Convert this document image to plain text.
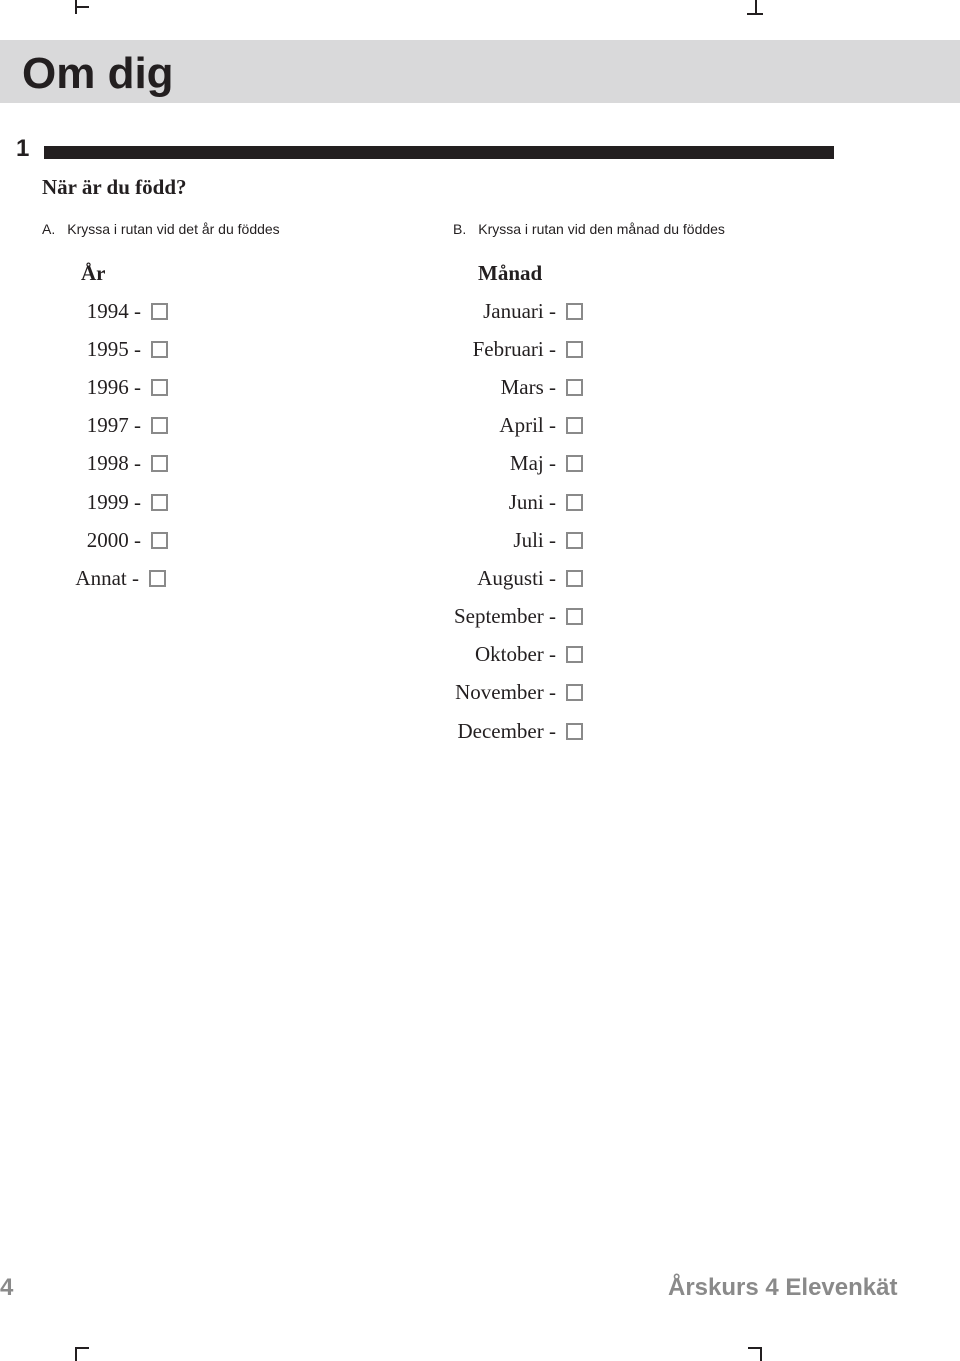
Om dig
1
När är du född?
A. Kryssa i rutan vid det år du föddes	B. Kryssa i rutan vid den månad du föddes
År	Månad
1994 -
1995 -
1996 -
1997 -
1998 -
1999 -
2000 -
Annat -
Januari -
Februari -
Mars -
April -
Maj -
Juni -
Juli -
Augusti -
September -
Oktober -
November -
December -
4	Årskurs 4 Elevenkät
